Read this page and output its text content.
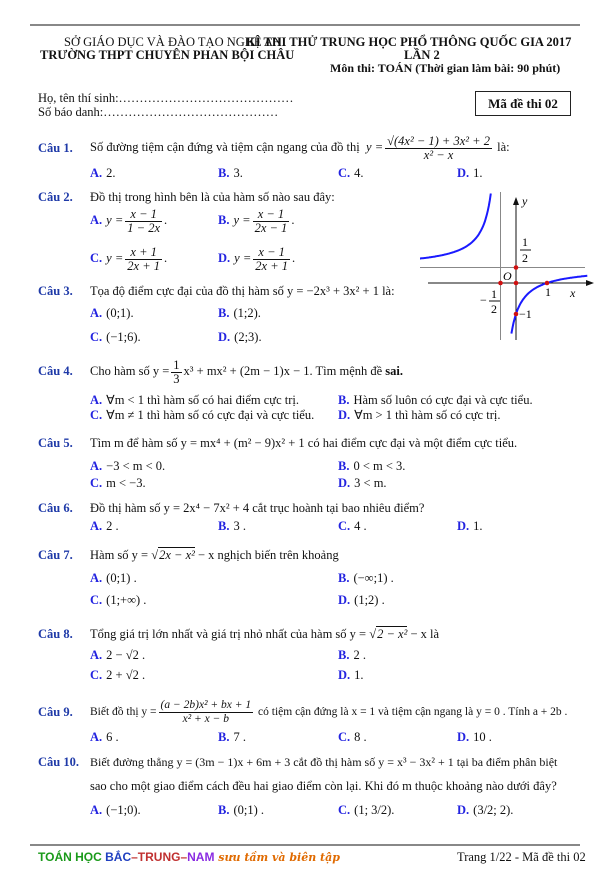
SỞ GIÁO DỤC VÀ ĐÀO TẠO NGHỆ AN
TRƯỜNG THPT CHUYÊN PHAN BỘI CHÂU
KÌ THI THỬ TRUNG HỌC PHỔ THÔNG QUỐC GIA 2017
LẦN 2
Môn thi: TOÁN (Thời gian làm bài: 90 phút)
Họ, tên thí sinh:……………………………………
Số báo danh:……………………………………
Mã đề thi 02
Câu 1. Số đường tiệm cận đứng và tiệm cận ngang của đồ thị $y = \frac{\text{√(4x² − 1) + 3x² + 2}}{\text{x² − x}}$ là:
A. 2.	B. 3.	C. 4.	D. 1.
Câu 2. Đồ thị trong hình bên là của hàm số nào sau đây:
A. $y = \frac{x - 1}{1 - 2x}$ .	B. $y = \frac{x - 1}{2x - 1}$ .
C. $y = \frac{x + 1}{2x + 1}$ .	D. $y = \frac{x - 1}{2x + 1}$ .
y
x
O
1
2
− 1
2
1
−1
Câu 3. Tọa độ điểm cực đại của đồ thị hàm số y = −2x³ + 3x² + 1 là:
A. (0;1).	B. (1;2).
C. (−1;6).	D. (2;3).
Câu 4. Cho hàm số $y = \frac{1}{3} x^3 + mx^2 + (2m - 1)x - 1$. Tìm mệnh đề sai.
A. ∀m < 1 thì hàm số có hai điểm cực trị.	B. Hàm số luôn có cực đại và cực tiểu.
C. ∀m ≠ 1 thì hàm số có cực đại và cực tiểu. D. ∀m > 1 thì hàm số có cực trị.
Câu 5. Tìm m để hàm số y = mx⁴ + (m² − 9)x² + 1 có hai điểm cực đại và một điểm cực tiểu.
A. −3 < m < 0.	B. 0 < m < 3.
C. m < −3.	D. 3 < m.
Câu 6. Đồ thị hàm số y = 2x⁴ − 7x² + 4 cắt trục hoành tại bao nhiêu điểm?
A. 2 .	B. 3 .	C. 4 .	D. 1.
Câu 7. Hàm số y = √2x − x² − x nghịch biến trên khoảng
A. (0;1) .	B. (−∞;1) .
C. (1;+∞) .	D. (1;2) .
Câu 8. Tổng giá trị lớn nhất và giá trị nhỏ nhất của hàm số y = √2 − x² − x là
A. 2 − √2 .	B. 2 .
C. 2 + √2 .	D. 1.
Câu 9. Biết đồ thị $y = \frac{\text{(a − 2b)x² + bx + 1}}{\text{x² + x − b}}$ có tiệm cận đứng là x = 1 và tiệm cận ngang là y = 0 . Tính a + 2b .
A. 6 .	B. 7 .	C. 8 .	D. 10 .
Câu 10. Biết đường thẳng y = (3m − 1)x + 6m + 3 cắt đồ thị hàm số y = x³ − 3x² + 1 tại ba điểm phân biệt
sao cho một giao điểm cách đều hai giao điểm còn lại. Khi đó m thuộc khoảng nào dưới đây?
A. (−1;0).	B. (0;1) .	C. (1; 3/2).	D. (3/2; 2).
TOÁN HỌC BẮC–TRUNG–NAM sưu tầm và biên tập	Trang 1/22 - Mã đề thi 02
